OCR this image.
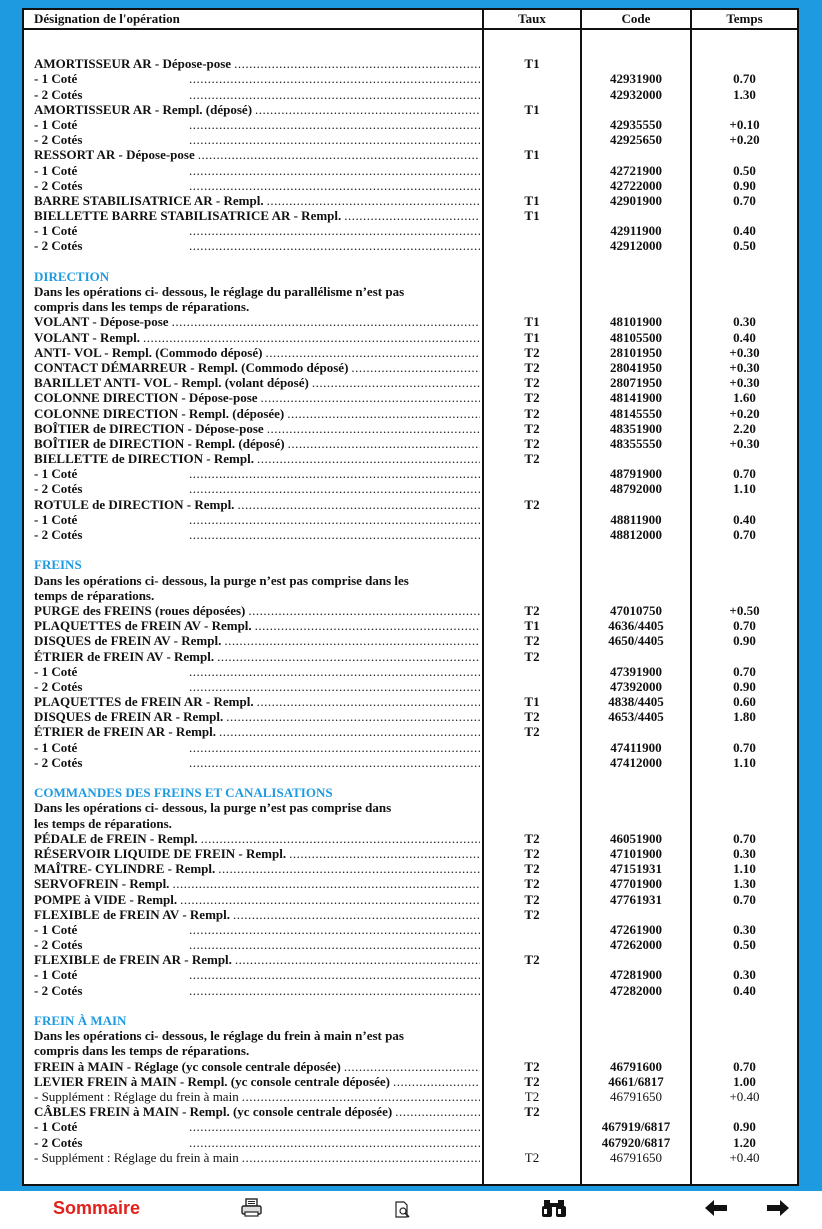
Désignation de l'opération	Taux	Code	Temps
AMORTISSEUR AR - Dépose-pose .....	T1
- 1 Coté .....	42931900	0.70
- 2 Cotés .....	42932000	1.30
AMORTISSEUR AR - Rempl. (déposé) .....	T1
- 1 Coté .....	42935550	+0.10
- 2 Cotés .....	42925650	+0.20
RESSORT AR - Dépose-pose .....	T1
- 1 Coté .....	42721900	0.50
- 2 Cotés .....	42722000	0.90
BARRE STABILISATRICE AR - Rempl. .....	T1	42901900	0.70
BIELLETTE BARRE STABILISATRICE AR - Rempl. .....	T1
- 1 Coté .....	42911900	0.40
- 2 Cotés .....	42912000	0.50
DIRECTION
Dans les opérations ci- dessous, le réglage du parallélisme n’est pas
compris dans les temps de réparations.
VOLANT - Dépose-pose .....	T1	48101900	0.30
VOLANT - Rempl. .....	T1	48105500	0.40
ANTI- VOL - Rempl. (Commodo déposé) .....	T2	28101950	+0.30
CONTACT DÉMARREUR - Rempl. (Commodo déposé) .....	T2	28041950	+0.30
BARILLET ANTI- VOL - Rempl. (volant déposé) .....	T2	28071950	+0.30
COLONNE DIRECTION - Dépose-pose .....	T2	48141900	1.60
COLONNE DIRECTION - Rempl. (déposée) .....	T2	48145550	+0.20
BOÎTIER de DIRECTION - Dépose-pose .....	T2	48351900	2.20
BOÎTIER de DIRECTION - Rempl. (déposé) .....	T2	48355550	+0.30
BIELLETTE de DIRECTION - Rempl. .....	T2
- 1 Coté .....	48791900	0.70
- 2 Cotés .....	48792000	1.10
ROTULE de DIRECTION - Rempl. .....	T2
- 1 Coté .....	48811900	0.40
- 2 Cotés .....	48812000	0.70
FREINS
Dans les opérations ci- dessous, la purge n’est pas comprise dans les
temps de réparations.
PURGE des FREINS (roues déposées) .....	T2	47010750	+0.50
PLAQUETTES de FREIN AV - Rempl. .....	T1	4636/4405	0.70
DISQUES de FREIN AV - Rempl. .....	T2	4650/4405	0.90
ÉTRIER de FREIN AV - Rempl. .....	T2
- 1 Coté .....	47391900	0.70
- 2 Cotés .....	47392000	0.90
PLAQUETTES de FREIN AR - Rempl. .....	T1	4838/4405	0.60
DISQUES de FREIN AR - Rempl. .....	T2	4653/4405	1.80
ÉTRIER de FREIN AR - Rempl. .....	T2
- 1 Coté .....	47411900	0.70
- 2 Cotés .....	47412000	1.10
COMMANDES DES FREINS ET CANALISATIONS
Dans les opérations ci- dessous, la purge n’est pas comprise dans
les temps de réparations.
PÉDALE de FREIN - Rempl. .....	T2	46051900	0.70
RÉSERVOIR LIQUIDE DE FREIN - Rempl. .....	T2	47101900	0.30
MAÎTRE- CYLINDRE - Rempl. .....	T2	47151931	1.10
SERVOFREIN - Rempl. .....	T2	47701900	1.30
POMPE à VIDE - Rempl. .....	T2	47761931	0.70
FLEXIBLE de FREIN AV - Rempl. .....	T2
- 1 Coté .....	47261900	0.30
- 2 Cotés .....	47262000	0.50
FLEXIBLE de FREIN AR - Rempl. .....	T2
- 1 Coté .....	47281900	0.30
- 2 Cotés .....	47282000	0.40
FREIN À MAIN
Dans les opérations ci- dessous, le réglage du frein à main n’est pas
compris dans les temps de réparations.
FREIN à MAIN - Réglage (yc console centrale déposée) .....	T2	46791600	0.70
LEVIER FREIN à MAIN - Rempl. (yc console centrale déposée) .....	T2	4661/6817	1.00
- Supplément : Réglage du frein à main .....	T2	46791650	+0.40
CÂBLES FREIN à MAIN - Rempl. (yc console centrale déposée) .....	T2
- 1 Coté .....	467919/6817	0.90
- 2 Cotés .....	467920/6817	1.20
- Supplément : Réglage du frein à main .....	T2	46791650	+0.40
Sommaire
